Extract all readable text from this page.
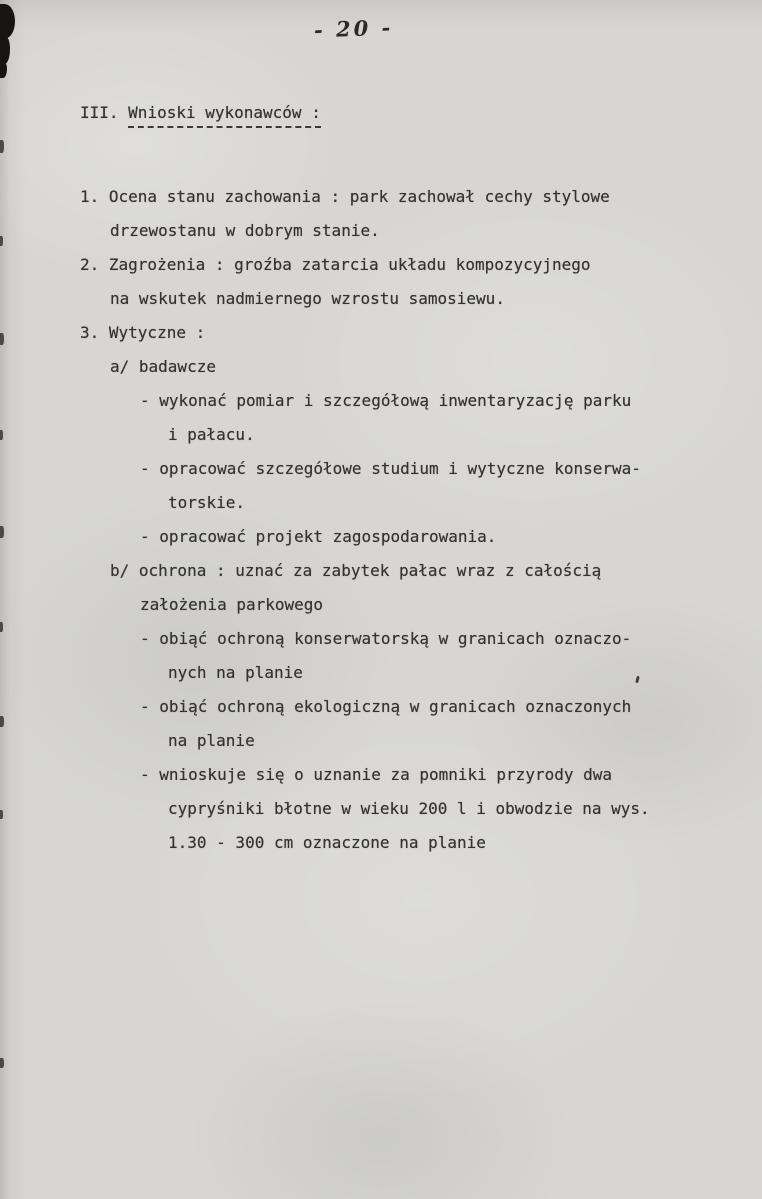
- 20 -
III. Wnioski wykonawców :
1. Ocena stanu zachowania : park zachował cechy stylowe
drzewostanu w dobrym stanie.
2. Zagrożenia : groźba zatarcia układu kompozycyjnego
na wskutek nadmiernego wzrostu samosiewu.
3. Wytyczne :
a/ badawcze
- wykonać pomiar i szczegółową inwentaryzację parku
i pałacu.
- opracować szczegółowe studium i wytyczne konserwa-
torskie.
- opracować projekt zagospodarowania.
b/ ochrona : uznać za zabytek pałac wraz z całością
założenia parkowego
- obiąć ochroną konserwatorską w granicach oznaczo-
nych na planie
- obiąć ochroną ekologiczną w granicach oznaczonych
na planie
- wnioskuje się o uznanie za pomniki przyrody dwa
cypryśniki błotne w wieku 200 l i obwodzie na wys.
1.30 - 300 cm oznaczone na planie
